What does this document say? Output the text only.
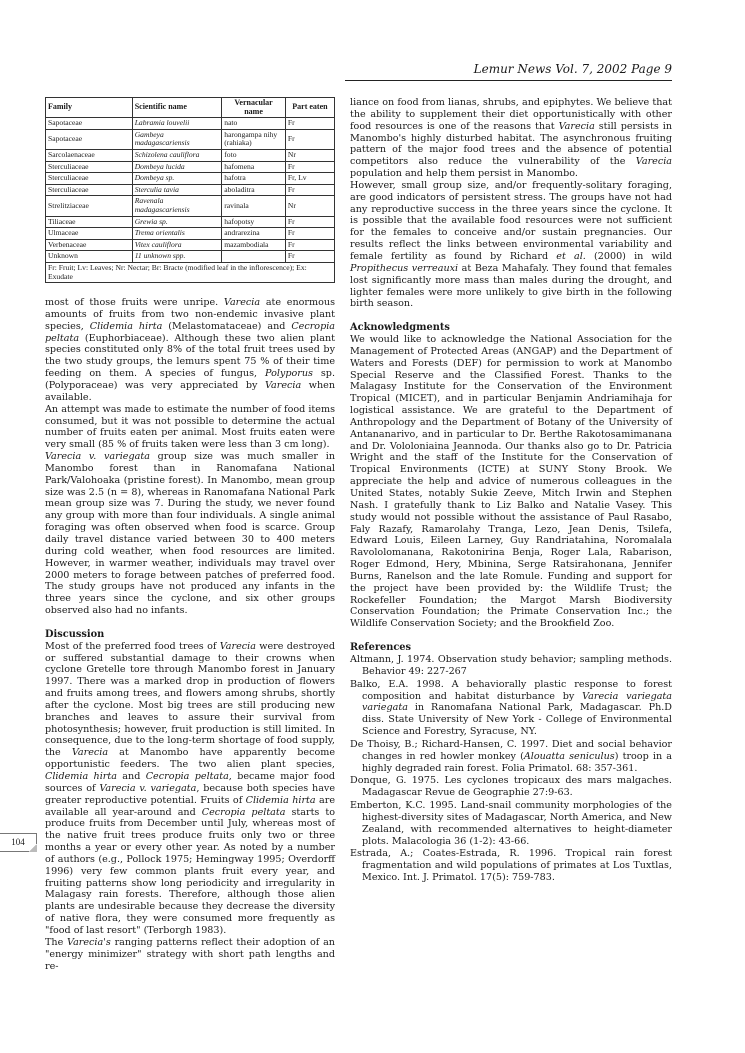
Lemur News Vol. 7, 2002 Page 9
Family	Scientific name	Vernacular name	Part eaten
Sapotaceae	Labramia louvelii	nato	Fr
Sapotaceae	Gambeya madagascariensis	harongampa nihy (rahiaka)	Fr
Sarcolaenaceae	Schizolena cauliflora	foto	Nr
Sterculiaceae	Dombeya lucida	hafomena	Fr
Sterculiaceae	Dombeya sp.	hafotra	Fr, Lv
Sterculiaceae	Sterculia tavia	aboladitra	Fr
Strelitziaceae	Ravenala madagascariensis	ravinala	Nr
Tiliaceae	Grewia sp.	hafopotsy	Fr
Ulmaceae	Trema orientalis	andrarezina	Fr
Verbenaceae	Vitex cauliflora	mazambodiala	Fr
Unknown	11 unknown spp.		Fr
Fr: Fruit; Lv: Leaves; Nr: Nectar; Br: Bracte (modified leaf in the inflorescence); Ex: Exudate			

most of those fruits were unripe. Varecia ate enormous amounts of fruits from two non-endemic invasive plant species, Clidemia hirta (Melastomataceae) and Cecropia peltata (Euphorbiaceae). Although these two alien plant species constituted only 8% of the total fruit trees used by the two study groups, the lemurs spent 75 % of their time feeding on them. A species of fungus, Polyporus sp. (Polyporaceae) was very appreciated by Varecia when available.

An attempt was made to estimate the number of food items consumed, but it was not possible to determine the actual number of fruits eaten per animal. Most fruits eaten were very small (85 % of fruits taken were less than 3 cm long).

Varecia v. variegata group size was much smaller in Manombo forest than in Ranomafana National Park/Valohoaka (pristine forest). In Manombo, mean group size was 2.5 (n = 8), whereas in Ranomafana National Park mean group size was 7. During the study, we never found any group with more than four individuals. A single animal foraging was often observed when food is scarce. Group daily travel distance varied between 30 to 400 meters during cold weather, when food resources are limited. However, in warmer weather, individuals may travel over 2000 meters to forage between patches of preferred food. The study groups have not produced any infants in the three years since the cyclone, and six other groups observed also had no infants.

Discussion

Most of the preferred food trees of Varecia were destroyed or suffered substantial damage to their crowns when cyclone Gretelle tore through Manombo forest in January 1997. There was a marked drop in production of flowers and fruits among trees, and flowers among shrubs, shortly after the cyclone. Most big trees are still producing new branches and leaves to assure their survival from photosynthesis; however, fruit production is still limited. In consequence, due to the long-term shortage of food supply, the Varecia at Manombo have apparently become opportunistic feeders. The two alien plant species, Clidemia hirta and Cecropia peltata, became major food sources of Varecia v. variegata, because both species have greater reproductive potential. Fruits of Clidemia hirta are available all year-around and Cecropia peltata starts to produce fruits from December until July, whereas most of the native fruit trees produce fruits only two or three months a year or every other year. As noted by a number of authors (e.g., Pollock 1975; Hemingway 1995; Overdorff 1996) very few common plants fruit every year, and fruiting patterns show long periodicity and irregularity in Malagasy rain forests. Therefore, although those alien plants are undesirable because they decrease the diversity of native flora, they were consumed more frequently as "food of last resort" (Terborgh 1983).

The Varecia's ranging patterns reflect their adoption of an "energy minimizer" strategy with short path lengths and re-

liance on food from lianas, shrubs, and epiphytes. We believe that the ability to supplement their diet opportunistically with other food resources is one of the reasons that Varecia still persists in Manombo's highly disturbed habitat. The asynchronous fruiting pattern of the major food trees and the absence of potential competitors also reduce the vulnerability of the Varecia population and help them persist in Manombo.

However, small group size, and/or frequently-solitary foraging, are good indicators of persistent stress. The groups have not had any reproductive success in the three years since the cyclone. It is possible that the available food resources were not sufficient for the females to conceive and/or sustain pregnancies. Our results reflect the links between environmental variability and female fertility as found by Richard et al. (2000) in wild Propithecus verreauxi at Beza Mahafaly. They found that females lost significantly more mass than males during the drought, and lighter females were more unlikely to give birth in the following birth season.

Acknowledgments

We would like to acknowledge the National Association for the Management of Protected Areas (ANGAP) and the Department of Waters and Forests (DEF) for permission to work at Manombo Special Reserve and the Classified Forest. Thanks to the Malagasy Institute for the Conservation of the Environment Tropical (MICET), and in particular Benjamin Andriamihaja for logistical assistance. We are grateful to the Department of Anthropology and the Department of Botany of the University of Antananarivo, and in particular to Dr. Berthe Rakotosamimanana and Dr. Vololoniaina Jeannoda. Our thanks also go to Dr. Patricia Wright and the staff of the Institute for the Conservation of Tropical Environments (ICTE) at SUNY Stony Brook. We appreciate the help and advice of numerous colleagues in the United States, notably Sukie Zeeve, Mitch Irwin and Stephen Nash. I gratefully thank to Liz Balko and Natalie Vasey. This study would not possible without the assistance of Paul Rasabo, Faly Razafy, Ramarolahy Tranga, Lezo, Jean Denis, Tsilefa, Edward Louis, Eileen Larney, Guy Randriatahina, Noromalala Ravololomanana, Rakotonirina Benja, Roger Lala, Rabarison, Roger Edmond, Hery, Mbinina, Serge Ratsirahonana, Jennifer Burns, Ranelson and the late Romule. Funding and support for the project have been provided by: the Wildlife Trust; the Rockefeller Foundation; the Margot Marsh Biodiversity Conservation Foundation; the Primate Conservation Inc.; the Wildlife Conservation Society; and the Brookfield Zoo.

References

Altmann, J. 1974. Observation study behavior; sampling methods. Behavior 49: 227-267

Balko, E.A. 1998. A behaviorally plastic response to forest composition and habitat disturbance by Varecia variegata variegata in Ranomafana National Park, Madagascar. Ph.D diss. State University of New York - College of Environmental Science and Forestry, Syracuse, NY.

De Thoisy, B.; Richard-Hansen, C. 1997. Diet and social behavior changes in red howler monkey (Alouatta seniculus) troop in a highly degraded rain forest. Folia Primatol. 68: 357-361.

Donque, G. 1975. Les cyclones tropicaux des mars malgaches. Madagascar Revue de Geographie 27:9-63.

Emberton, K.C. 1995. Land-snail community morphologies of the highest-diversity sites of Madagascar, North America, and New Zealand, with recommended alternatives to height-diameter plots. Malacologia 36 (1-2): 43-66.

Estrada, A.; Coates-Estrada, R. 1996. Tropical rain forest fragmentation and wild populations of primates at Los Tuxtlas, Mexico. Int. J. Primatol. 17(5): 759-783.

104
